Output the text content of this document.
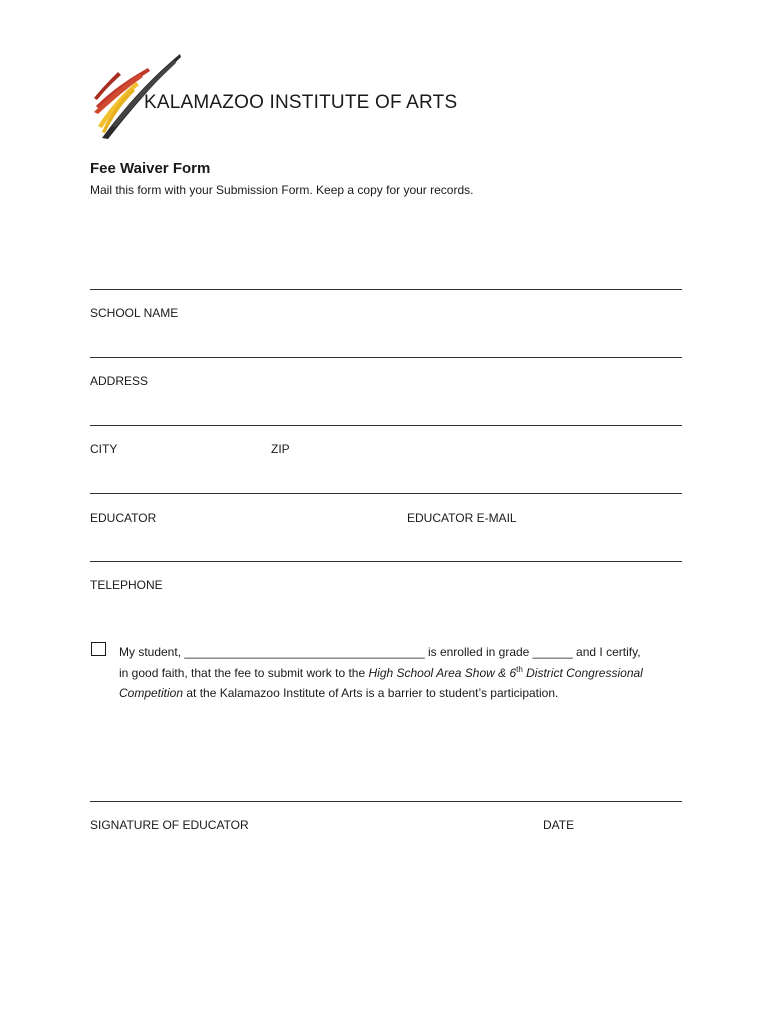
KALAMAZOO INSTITUTE OF ARTS
Fee Waiver Form
Mail this form with your Submission Form. Keep a copy for your records.
SCHOOL NAME
ADDRESS
CITY	ZIP
EDUCATOR	EDUCATOR E-MAIL
TELEPHONE
My student, ____________________________________ is enrolled in grade ______ and I certify,
in good faith, that the fee to submit work to the High School Area Show & 6th District Congressional
Competition at the Kalamazoo Institute of Arts is a barrier to student’s participation.
SIGNATURE OF EDUCATOR	DATE
